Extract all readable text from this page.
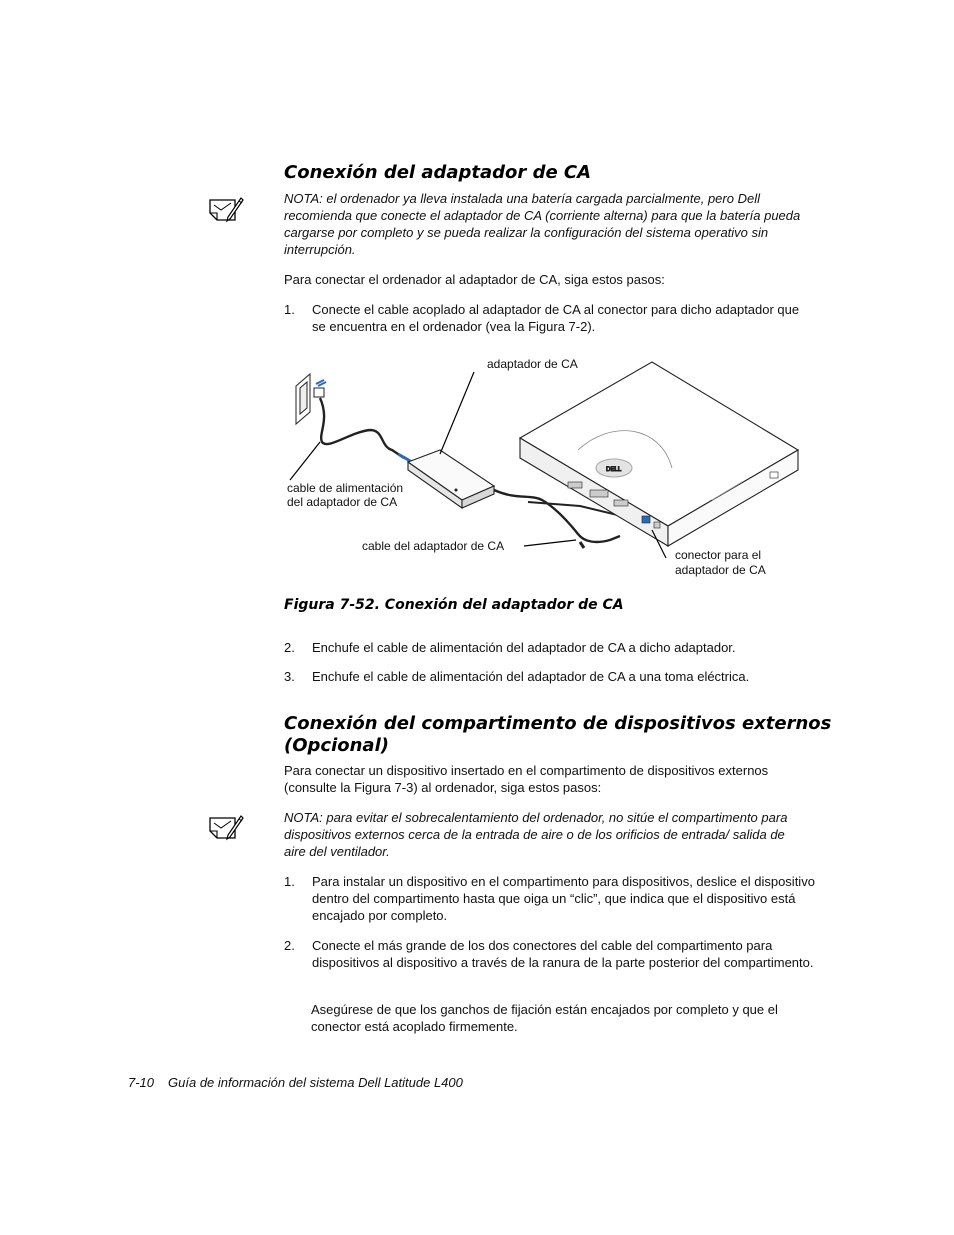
Conexión del adaptador de CA

NOTA: el ordenador ya lleva instalada una batería cargada parcialmente, pero Dell recomienda que conecte el adaptador de CA (corriente alterna) para que la batería pueda cargarse por completo y se pueda realizar la configuración del sistema operativo sin interrupción.

Para conectar el ordenador al adaptador de CA, siga estos pasos:

1. Conecte el cable acoplado al adaptador de CA al conector para dicho adaptador que se encuentra en el ordenador (vea la Figura 7-2).
DELL
adaptador de CA
cable de alimentación
del adaptador de CA
cable del adaptador de CA
conector para el
adaptador de CA
Figura 7-52. Conexión del adaptador de CA
2. Enchufe el cable de alimentación del adaptador de CA a dicho adaptador.
3. Enchufe el cable de alimentación del adaptador de CA a una toma eléctrica.
Conexión del compartimento de dispositivos externos
(Opcional)

Para conectar un dispositivo insertado en el compartimento de dispositivos externos (consulte la Figura 7-3) al ordenador, siga estos pasos:

NOTA: para evitar el sobrecalentamiento del ordenador, no sitúe el compartimento para dispositivos externos cerca de la entrada de aire o de los orificios de entrada/ salida de aire del ventilador.

1. Para instalar un dispositivo en el compartimento para dispositivos, deslice el dispositivo dentro del compartimento hasta que oiga un “clic”, que indica que el dispositivo está encajado por completo.
2. Conecte el más grande de los dos conectores del cable del compartimento para dispositivos al dispositivo a través de la ranura de la parte posterior del compartimento.

Asegúrese de que los ganchos de fijación están encajados por completo y que el conector está acoplado firmemente.

7-10 Guía de información del sistema Dell Latitude L400
